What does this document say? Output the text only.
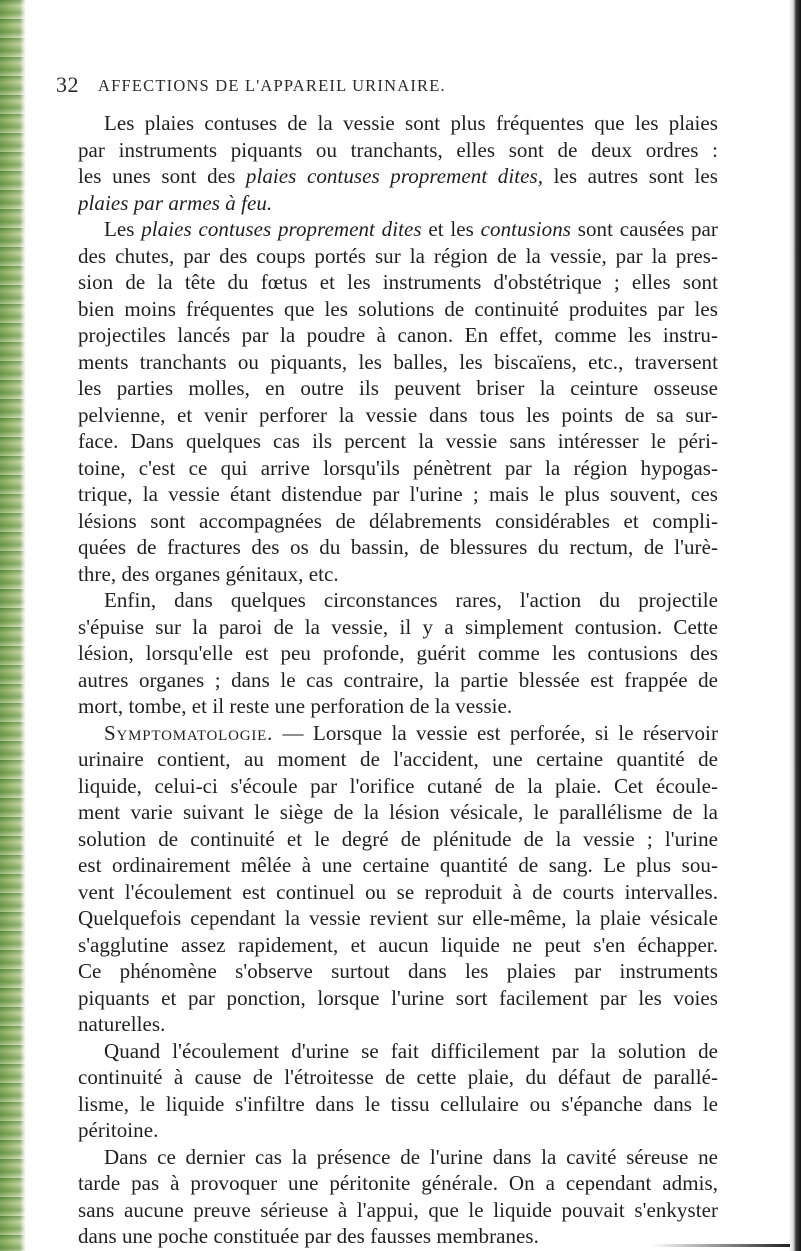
32 AFFECTIONS DE L'APPAREIL URINAIRE.
Les plaies contuses de la vessie sont plus fréquentes que les plaies
par instruments piquants ou tranchants, elles sont de deux ordres :
les unes sont des plaies contuses proprement dites, les autres sont les
plaies par armes à feu.
Les plaies contuses proprement dites et les contusions sont causées par
des chutes, par des coups portés sur la région de la vessie, par la pres-
sion de la tête du fœtus et les instruments d'obstétrique ; elles sont
bien moins fréquentes que les solutions de continuité produites par les
projectiles lancés par la poudre à canon. En effet, comme les instru-
ments tranchants ou piquants, les balles, les biscaïens, etc., traversent
les parties molles, en outre ils peuvent briser la ceinture osseuse
pelvienne, et venir perforer la vessie dans tous les points de sa sur-
face. Dans quelques cas ils percent la vessie sans intéresser le péri-
toine, c'est ce qui arrive lorsqu'ils pénètrent par la région hypogas-
trique, la vessie étant distendue par l'urine ; mais le plus souvent, ces
lésions sont accompagnées de délabrements considérables et compli-
quées de fractures des os du bassin, de blessures du rectum, de l'urè-
thre, des organes génitaux, etc.
Enfin, dans quelques circonstances rares, l'action du projectile
s'épuise sur la paroi de la vessie, il y a simplement contusion. Cette
lésion, lorsqu'elle est peu profonde, guérit comme les contusions des
autres organes ; dans le cas contraire, la partie blessée est frappée de
mort, tombe, et il reste une perforation de la vessie.
Symptomatologie. — Lorsque la vessie est perforée, si le réservoir
urinaire contient, au moment de l'accident, une certaine quantité de
liquide, celui-ci s'écoule par l'orifice cutané de la plaie. Cet écoule-
ment varie suivant le siège de la lésion vésicale, le parallélisme de la
solution de continuité et le degré de plénitude de la vessie ; l'urine
est ordinairement mêlée à une certaine quantité de sang. Le plus sou-
vent l'écoulement est continuel ou se reproduit à de courts intervalles.
Quelquefois cependant la vessie revient sur elle-même, la plaie vésicale
s'agglutine assez rapidement, et aucun liquide ne peut s'en échapper.
Ce phénomène s'observe surtout dans les plaies par instruments
piquants et par ponction, lorsque l'urine sort facilement par les voies
naturelles.
Quand l'écoulement d'urine se fait difficilement par la solution de
continuité à cause de l'étroitesse de cette plaie, du défaut de parallé-
lisme, le liquide s'infiltre dans le tissu cellulaire ou s'épanche dans le
péritoine.
Dans ce dernier cas la présence de l'urine dans la cavité séreuse ne
tarde pas à provoquer une péritonite générale. On a cependant admis,
sans aucune preuve sérieuse à l'appui, que le liquide pouvait s'enkyster
dans une poche constituée par des fausses membranes.
